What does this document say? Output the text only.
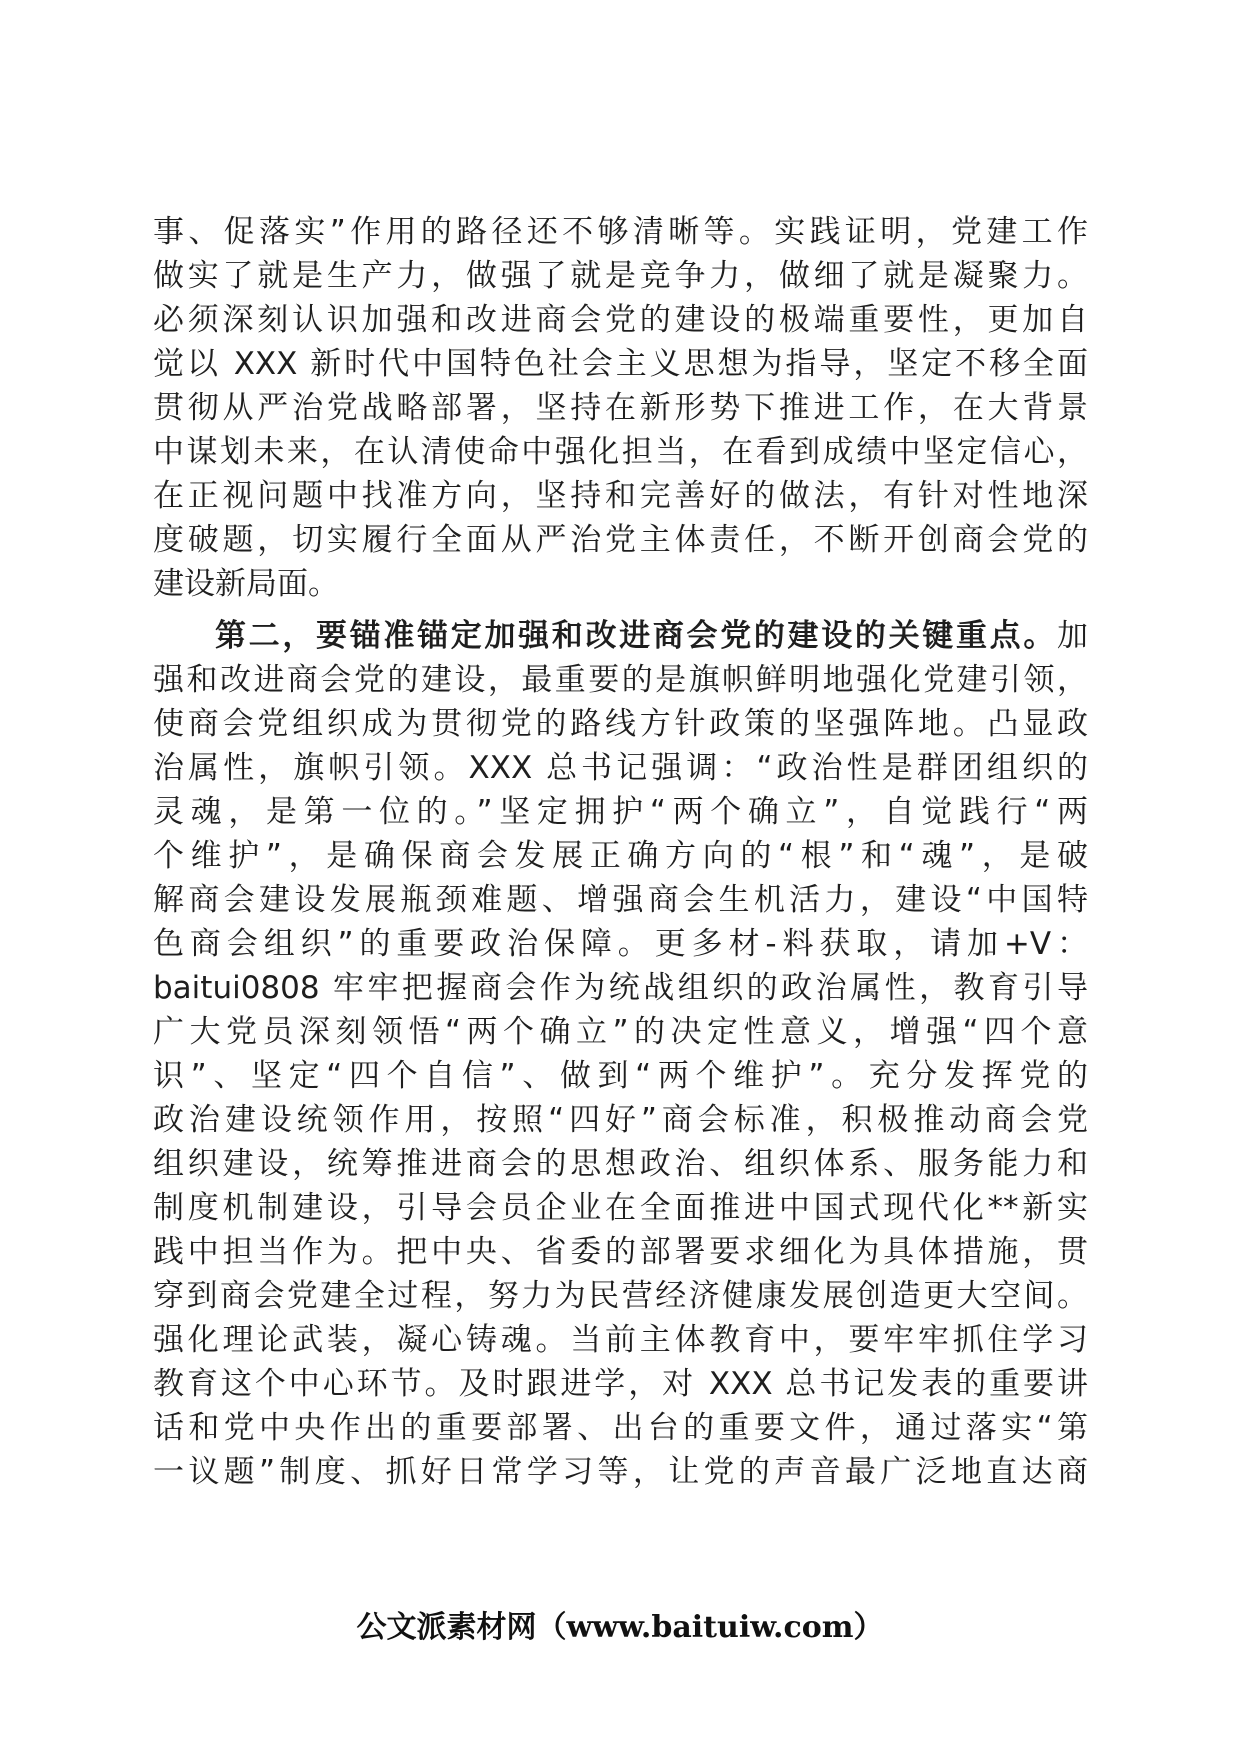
事、促落实”作用的路径还不够清晰等。实践证明，党建工作
做实了就是生产力，做强了就是竞争力，做细了就是凝聚力。
必须深刻认识加强和改进商会党的建设的极端重要性，更加自
觉以 XXX 新时代中国特色社会主义思想为指导，坚定不移全面
贯彻从严治党战略部署，坚持在新形势下推进工作，在大背景
中谋划未来，在认清使命中强化担当，在看到成绩中坚定信心，
在正视问题中找准方向，坚持和完善好的做法，有针对性地深
度破题，切实履行全面从严治党主体责任，不断开创商会党的
建设新局面。
第二，要锚准锚定加强和改进商会党的建设的关键重点。加
强和改进商会党的建设，最重要的是旗帜鲜明地强化党建引领，
使商会党组织成为贯彻党的路线方针政策的坚强阵地。凸显政
治属性，旗帜引领。XXX 总书记强调：“政治性是群团组织的
灵魂，是第一位的。”坚定拥护“两个确立”，自觉践行“两
个维护”，是确保商会发展正确方向的“根”和“魂”，是破
解商会建设发展瓶颈难题、增强商会生机活力，建设“中国特
色商会组织”的重要政治保障。更多材-料获取，请加+V：
baitui0808 牢牢把握商会作为统战组织的政治属性，教育引导
广大党员深刻领悟“两个确立”的决定性意义，增强“四个意
识”、坚定“四个自信”、做到“两个维护”。充分发挥党的
政治建设统领作用，按照“四好”商会标准，积极推动商会党
组织建设，统筹推进商会的思想政治、组织体系、服务能力和
制度机制建设，引导会员企业在全面推进中国式现代化**新实
践中担当作为。把中央、省委的部署要求细化为具体措施，贯
穿到商会党建全过程，努力为民营经济健康发展创造更大空间。
强化理论武装，凝心铸魂。当前主体教育中，要牢牢抓住学习
教育这个中心环节。及时跟进学，对 XXX 总书记发表的重要讲
话和党中央作出的重要部署、出台的重要文件，通过落实“第
一议题”制度、抓好日常学习等，让党的声音最广泛地直达商
公文派素材网（www.baituiw.com）
